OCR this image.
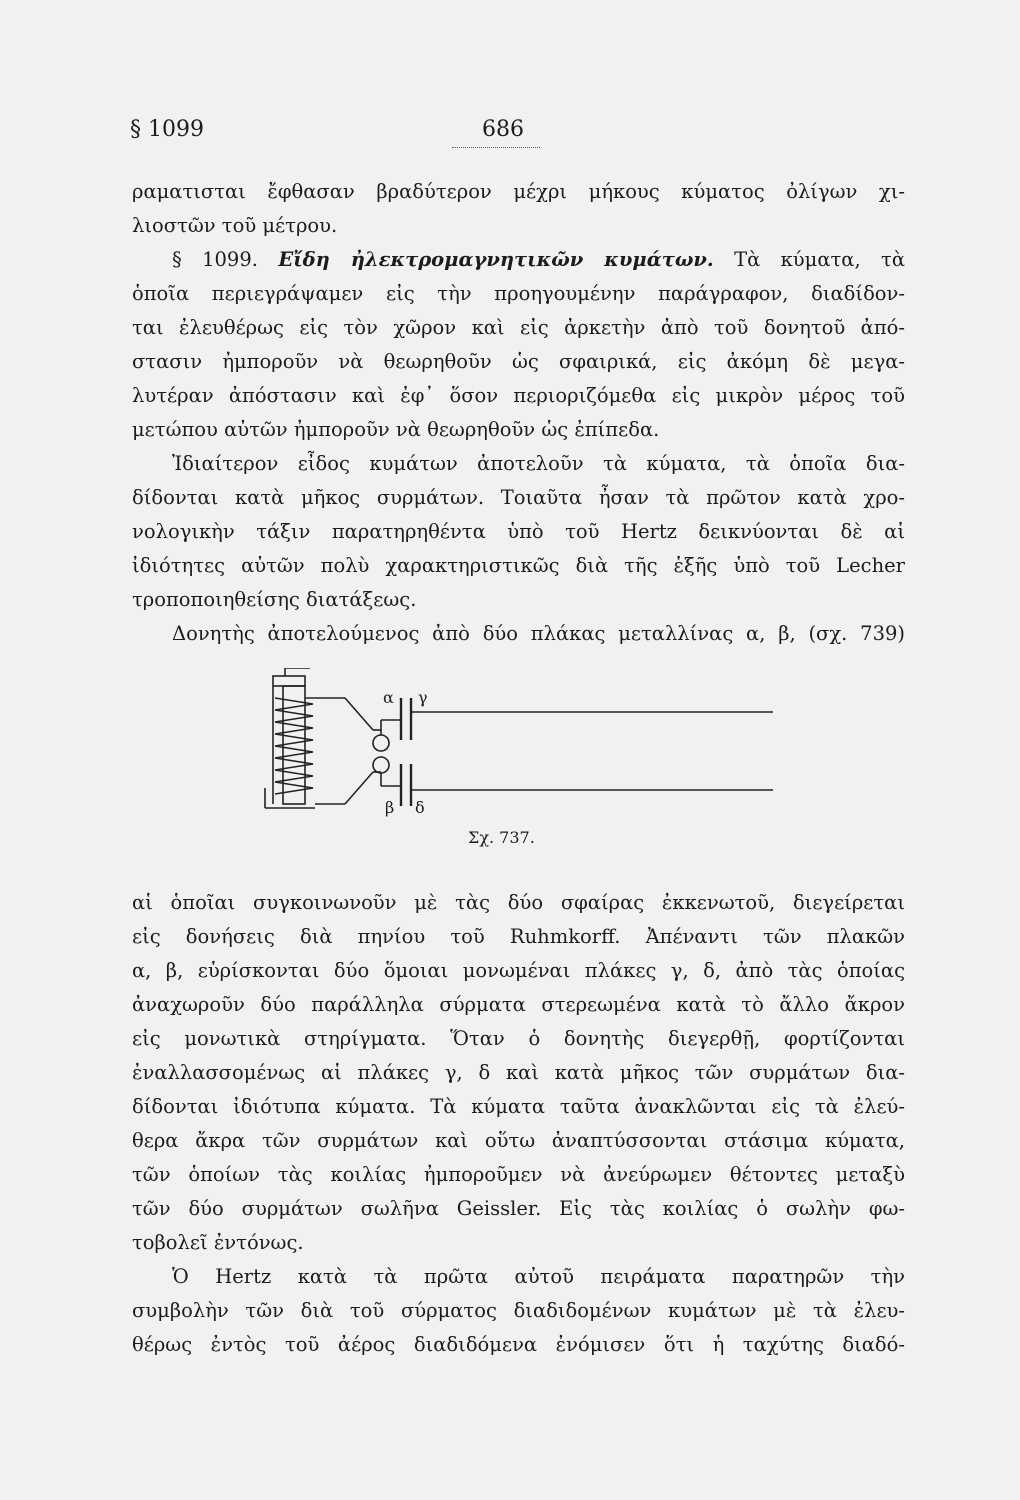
§ 1099	686
ραματισται ἔφθασαν βραδύτερον μέχρι μήκους κύματος ὀλίγων χι-
λιοστῶν τοῦ μέτρου.
§ 1099. Εἴδη ἠλεκτρομαγνητικῶν κυμάτων. Τὰ κύματα, τὰ
ὁποῖα περιεγράψαμεν εἰς τὴν προηγουμένην παράγραφον, διαδίδον-
ται ἐλευθέρως εἰς τὸν χῶρον καὶ εἰς ἀρκετὴν ἀπὸ τοῦ δονητοῦ ἀπό-
στασιν ἠμποροῦν νὰ θεωρηθοῦν ὡς σφαιρικά, εἰς ἀκόμη δὲ μεγα-
λυτέραν ἀπόστασιν καὶ ἐφ᾿ ὅσον περιοριζόμεθα εἰς μικρὸν μέρος τοῦ
μετώπου αὐτῶν ἠμποροῦν νὰ θεωρηθοῦν ὡς ἐπίπεδα.
Ἰδιαίτερον εἶδος κυμάτων ἀποτελοῦν τὰ κύματα, τὰ ὁποῖα δια-
δίδονται κατὰ μῆκος συρμάτων. Τοιαῦτα ἦσαν τὰ πρῶτον κατὰ χρο-
νολογικὴν τάξιν παρατηρηθέντα ὑπὸ τοῦ Hertz δεικνύονται δὲ αἱ
ἰδιότητες αὐτῶν πολὺ χαρακτηριστικῶς διὰ τῆς ἑξῆς ὑπὸ τοῦ Lecher
τροποποιηθείσης διατάξεως.
Δονητὴς ἀποτελούμενος ἀπὸ δύο πλάκας μεταλλίνας α, β, (σχ. 739)
α γ
β δ
Σχ. 737.
αἱ ὁποῖαι συγκοινωνοῦν μὲ τὰς δύο σφαίρας ἐκκενωτοῦ, διεγείρεται
εἰς δονήσεις διὰ πηνίου τοῦ Ruhmkorff. Ἀπέναντι τῶν πλακῶν
α, β, εὑρίσκονται δύο ὅμοιαι μονωμέναι πλάκες γ, δ, ἀπὸ τὰς ὁποίας
ἀναχωροῦν δύο παράλληλα σύρματα στερεωμένα κατὰ τὸ ἄλλο ἄκρον
εἰς μονωτικὰ στηρίγματα. Ὅταν ὁ δονητὴς διεγερθῇ, φορτίζονται
ἐναλλασσομένως αἱ πλάκες γ, δ καὶ κατὰ μῆκος τῶν συρμάτων δια-
δίδονται ἰδιότυπα κύματα. Τὰ κύματα ταῦτα ἀνακλῶνται εἰς τὰ ἐλεύ-
θερα ἄκρα τῶν συρμάτων καὶ οὕτω ἀναπτύσσονται στάσιμα κύματα,
τῶν ὁποίων τὰς κοιλίας ἠμποροῦμεν νὰ ἀνεύρωμεν θέτοντες μεταξὺ
τῶν δύο συρμάτων σωλῆνα Geissler. Εἰς τὰς κοιλίας ὁ σωλὴν φω-
τοβολεῖ ἐντόνως.
Ὁ Hertz κατὰ τὰ πρῶτα αὐτοῦ πειράματα παρατηρῶν τὴν
συμβολὴν τῶν διὰ τοῦ σύρματος διαδιδομένων κυμάτων μὲ τὰ ἐλευ-
θέρως ἐντὸς τοῦ ἀέρος διαδιδόμενα ἐνόμισεν ὅτι ἡ ταχύτης διαδό-
